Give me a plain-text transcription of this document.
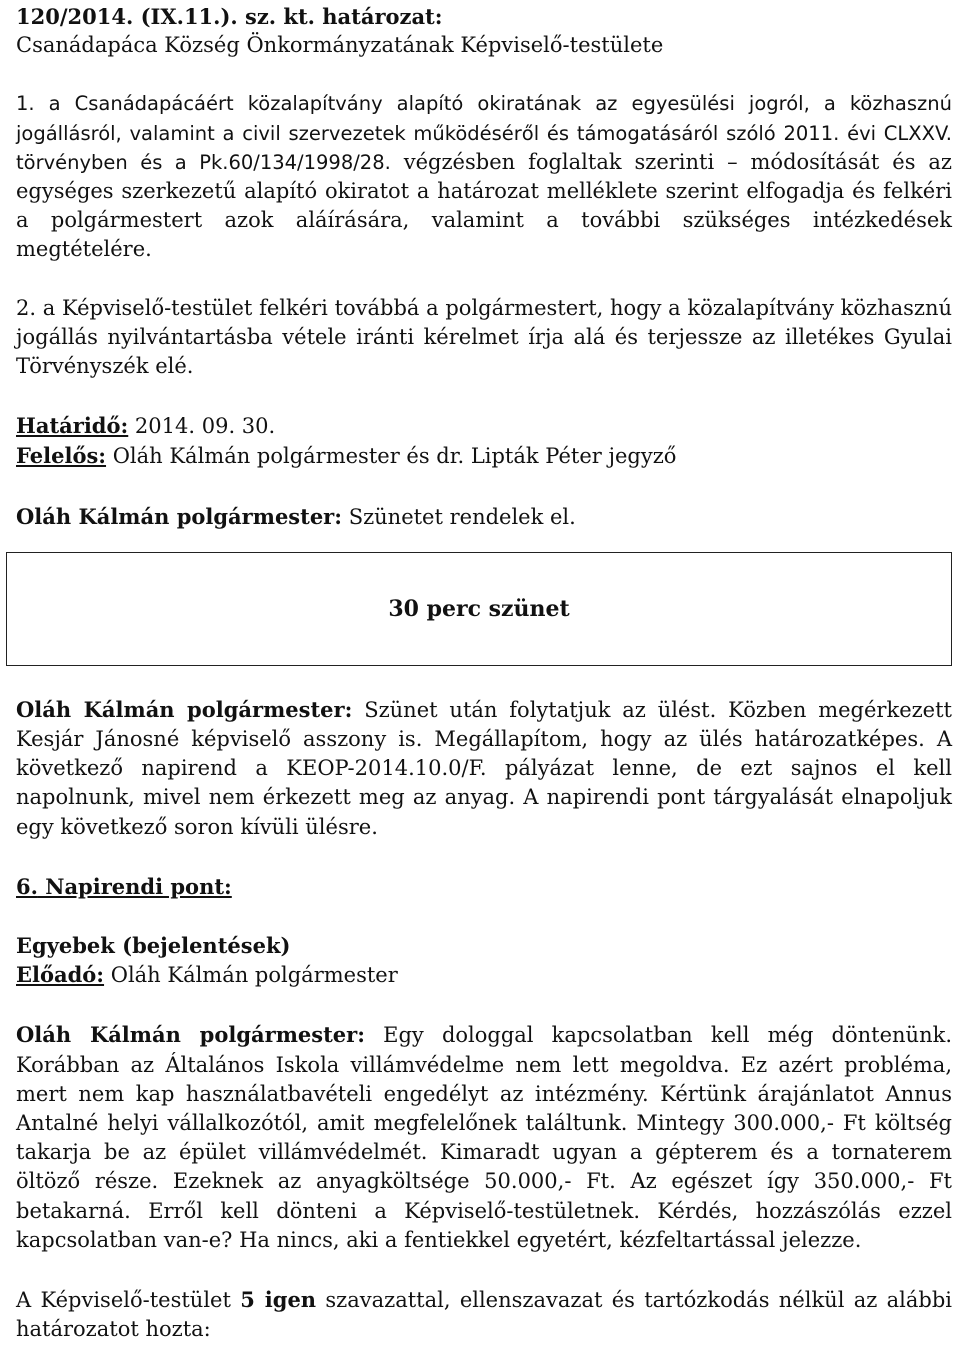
120/2014. (IX.11.). sz. kt. határozat:

Csanádapáca Község Önkormányzatának Képviselő-testülete

1. a Csanádapácáért közalapítvány alapító okiratának az egyesülési jogról, a közhasznú jogállásról, valamint a civil szervezetek működéséről és támogatásáról szóló 2011. évi CLXXV. törvényben és a Pk.60/134/1998/28. végzésben foglaltak szerinti – módosítását és az egységes szerkezetű alapító okiratot a határozat melléklete szerint elfogadja és felkéri a polgármestert azok aláírására, valamint a további szükséges intézkedések megtételére.

2. a Képviselő-testület felkéri továbbá a polgármestert, hogy a közalapítvány közhasznú jogállás nyilvántartásba vétele iránti kérelmet írja alá és terjessze az illetékes Gyulai Törvényszék elé.

Határidő: 2014. 09. 30.

Felelős: Oláh Kálmán polgármester és dr. Lipták Péter jegyző

Oláh Kálmán polgármester: Szünetet rendelek el.

30 perc szünet

Oláh Kálmán polgármester: Szünet után folytatjuk az ülést. Közben megérkezett Kesjár Jánosné képviselő asszony is. Megállapítom, hogy az ülés határozatképes. A következő napirend a KEOP-2014.10.0/F. pályázat lenne, de ezt sajnos el kell napolnunk, mivel nem érkezett meg az anyag. A napirendi pont tárgyalását elnapoljuk egy következő soron kívüli ülésre.

6. Napirendi pont:

Egyebek (bejelentések)

Előadó: Oláh Kálmán polgármester

Oláh Kálmán polgármester: Egy dologgal kapcsolatban kell még döntenünk. Korábban az Általános Iskola villámvédelme nem lett megoldva. Ez azért probléma, mert nem kap használatbavételi engedélyt az intézmény. Kértünk árajánlatot Annus Antalné helyi vállalkozótól, amit megfelelőnek találtunk. Mintegy 300.000,- Ft költség takarja be az épület villámvédelmét. Kimaradt ugyan a gépterem és a tornaterem öltöző része. Ezeknek az anyagköltsége 50.000,- Ft. Az egészet így 350.000,- Ft betakarná. Erről kell dönteni a Képviselő-testületnek. Kérdés, hozzászólás ezzel kapcsolatban van-e? Ha nincs, aki a fentiekkel egyetért, kézfeltartással jelezze.

A Képviselő-testület 5 igen szavazattal, ellenszavazat és tartózkodás nélkül az alábbi határozatot hozta:
